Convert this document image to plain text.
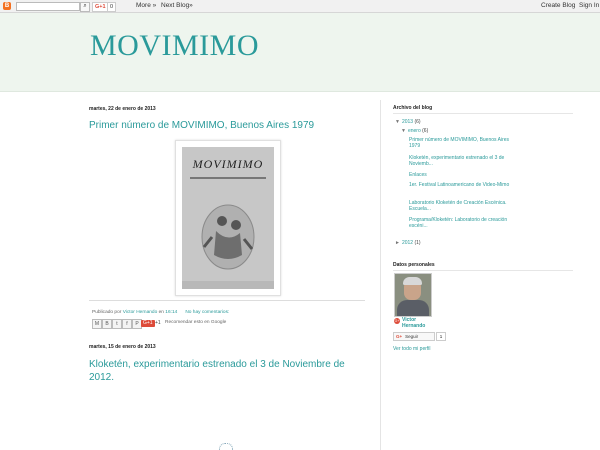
B	⌕	G+1 0	More » Next Blog»	Create Blog Sign In
MOVIMIMO
martes, 22 de enero de 2013
Primer número de MOVIMIMO, Buenos Aires 1979
MOVIMIMO
Publicado por Victor Hernando en 16:14 No hay comentarios:
M	B	t	f	P G+1 +1 Recomendar esto en Google
martes, 15 de enero de 2013
Kloketén, experimentario estrenado el 3 de Noviembre de
2012.
Archivo del blog
▼ 2013 (6)
▼ enero (6)
Primer número de MOVIMIMO, Buenos Aires 1979
Kloketén, experimentario estrenado el 3 de Noviemb...
Enlaces
1er. Festival Latinoamericano de Video-Mimo
Laboratorio Kloketén de Creación Escénica. Escuela...
Programa/Kloketén: Laboratorio de creación escéni...
► 2012 (1)
Datos personales
G+ Victor
Hernando
G+ Seguir	1
Ver todo mi perfil
